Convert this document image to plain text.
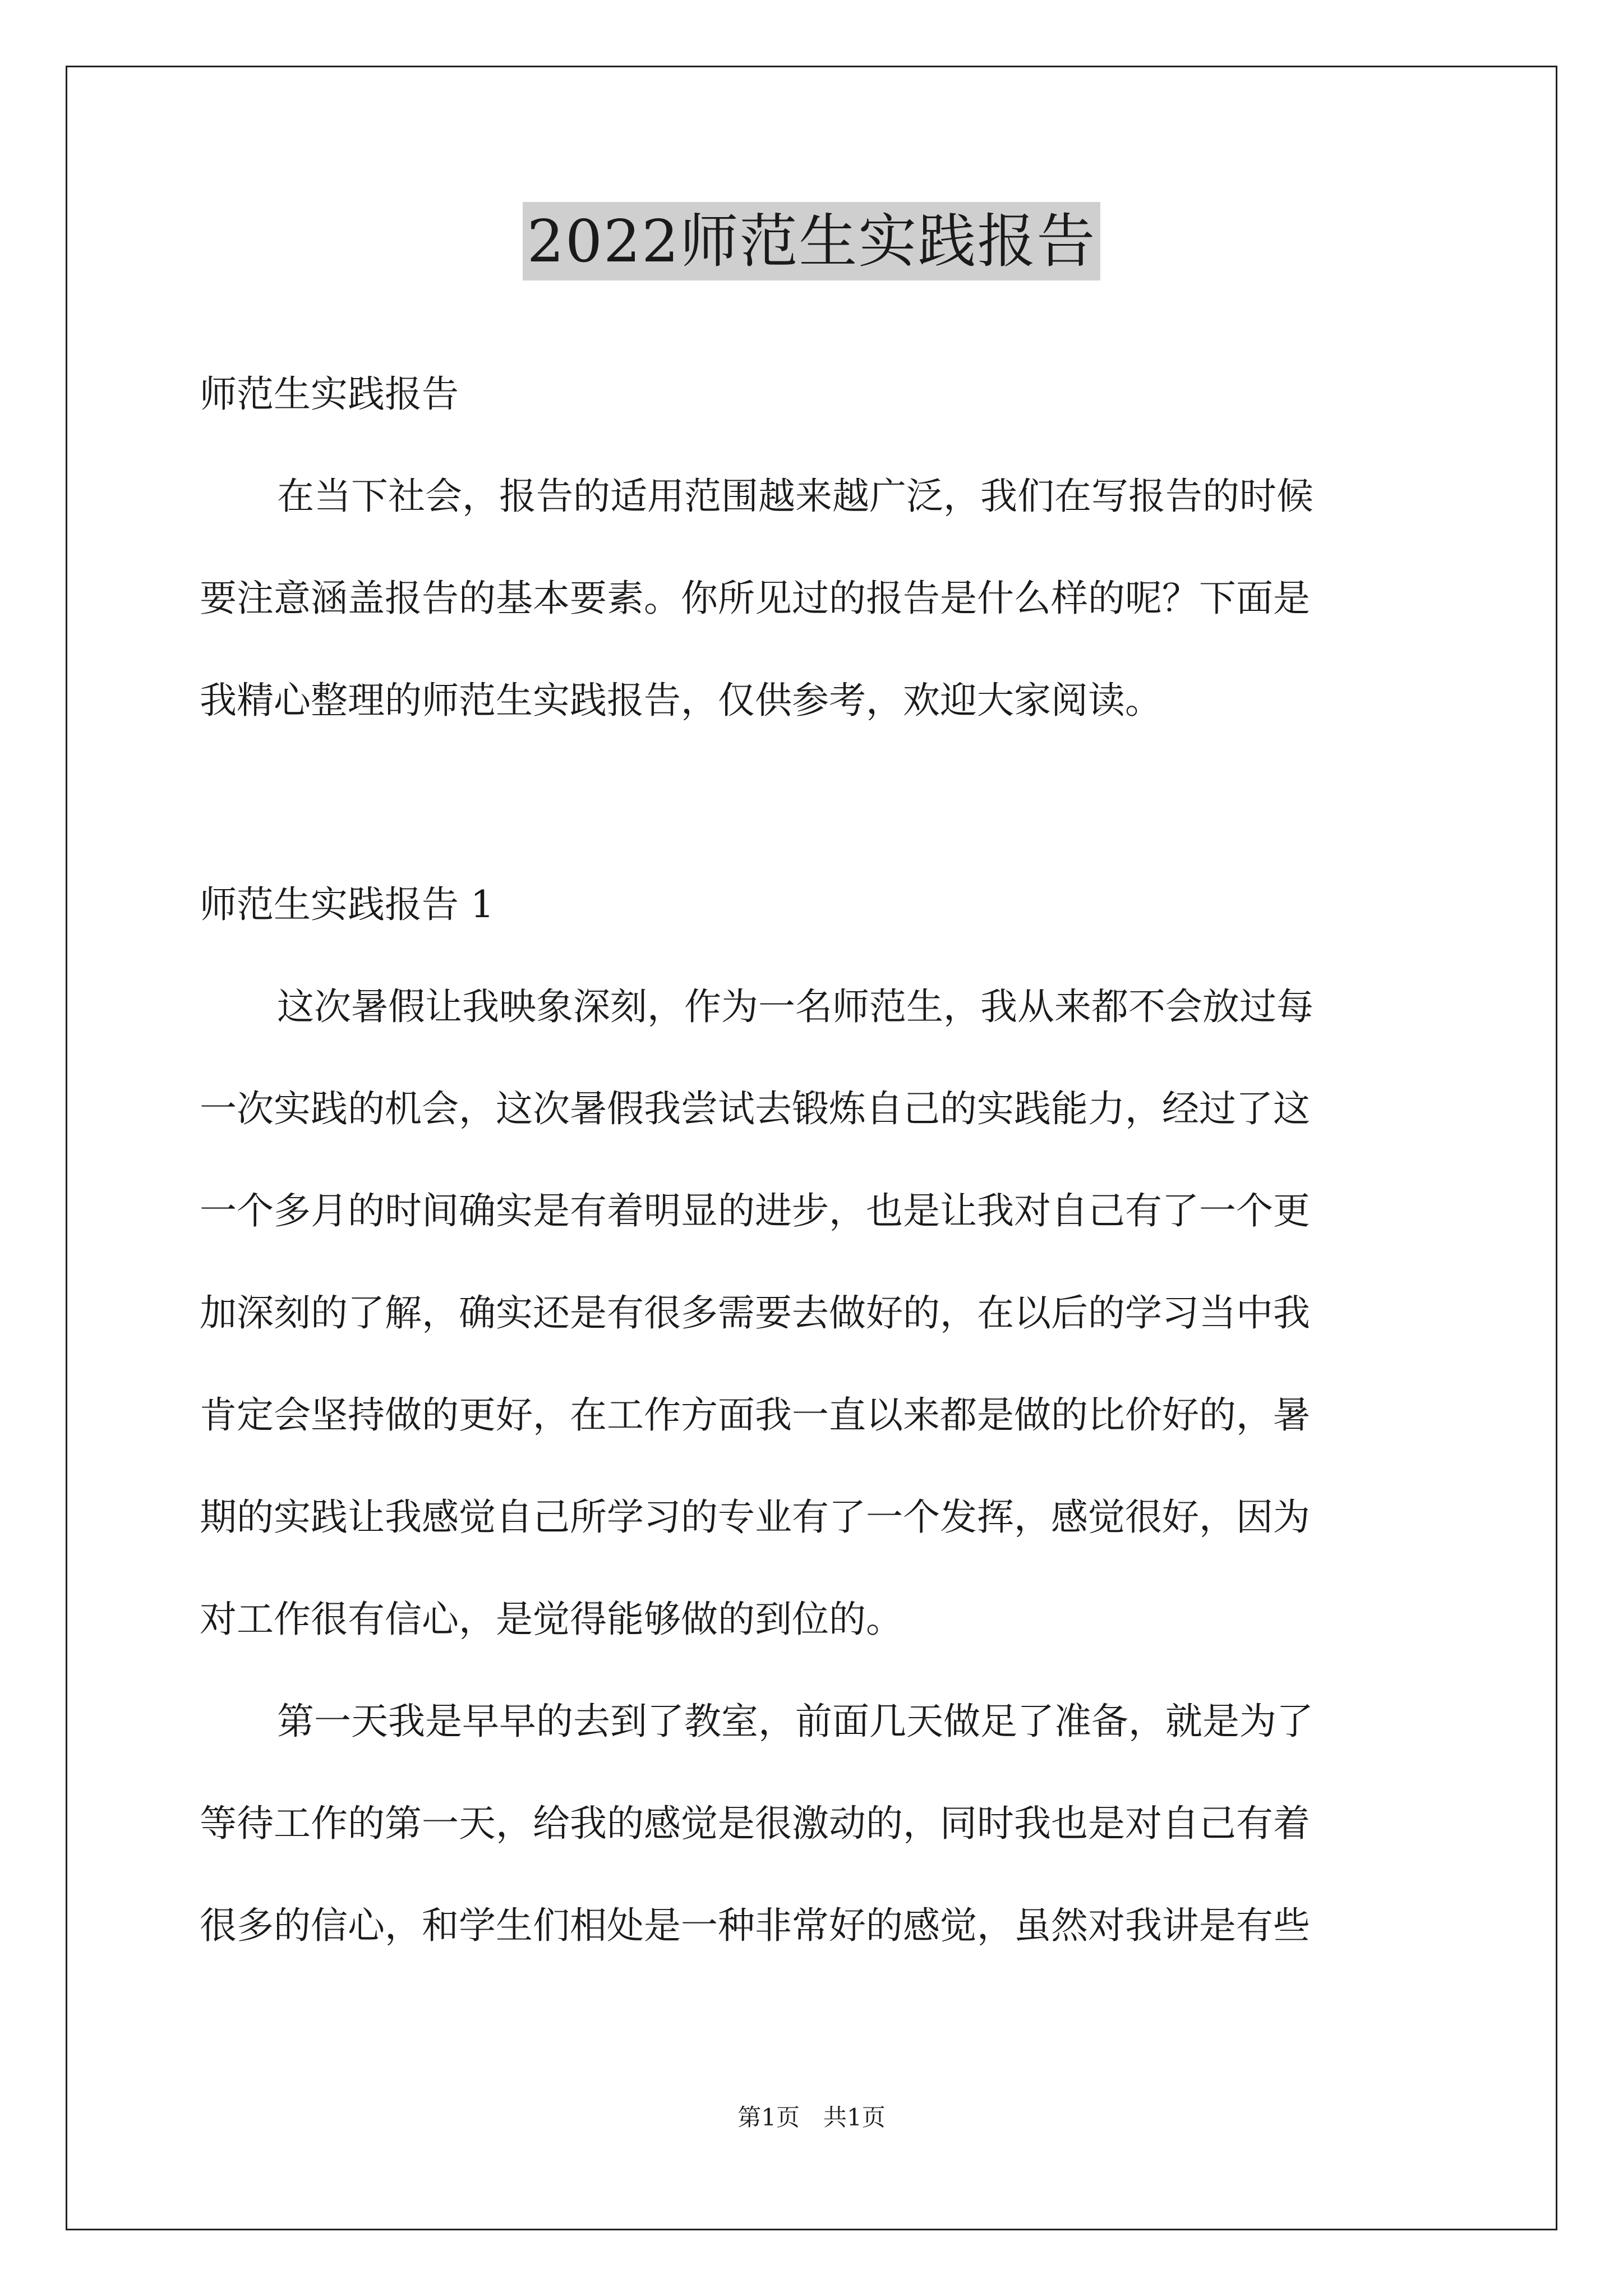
2022师范生实践报告
师范生实践报告
在当下社会，报告的适用范围越来越广泛，我们在写报告的时候
要注意涵盖报告的基本要素。你所见过的报告是什么样的呢？下面是
我精心整理的师范生实践报告，仅供参考，欢迎大家阅读。
师范生实践报告 1
这次暑假让我映象深刻，作为一名师范生，我从来都不会放过每
一次实践的机会，这次暑假我尝试去锻炼自己的实践能力，经过了这
一个多月的时间确实是有着明显的进步，也是让我对自己有了一个更
加深刻的了解，确实还是有很多需要去做好的，在以后的学习当中我
肯定会坚持做的更好，在工作方面我一直以来都是做的比价好的，暑
期的实践让我感觉自己所学习的专业有了一个发挥，感觉很好，因为
对工作很有信心，是觉得能够做的到位的。
第一天我是早早的去到了教室，前面几天做足了准备，就是为了
等待工作的第一天，给我的感觉是很激动的，同时我也是对自己有着
很多的信心，和学生们相处是一种非常好的感觉，虽然对我讲是有些
第1页　共1页
